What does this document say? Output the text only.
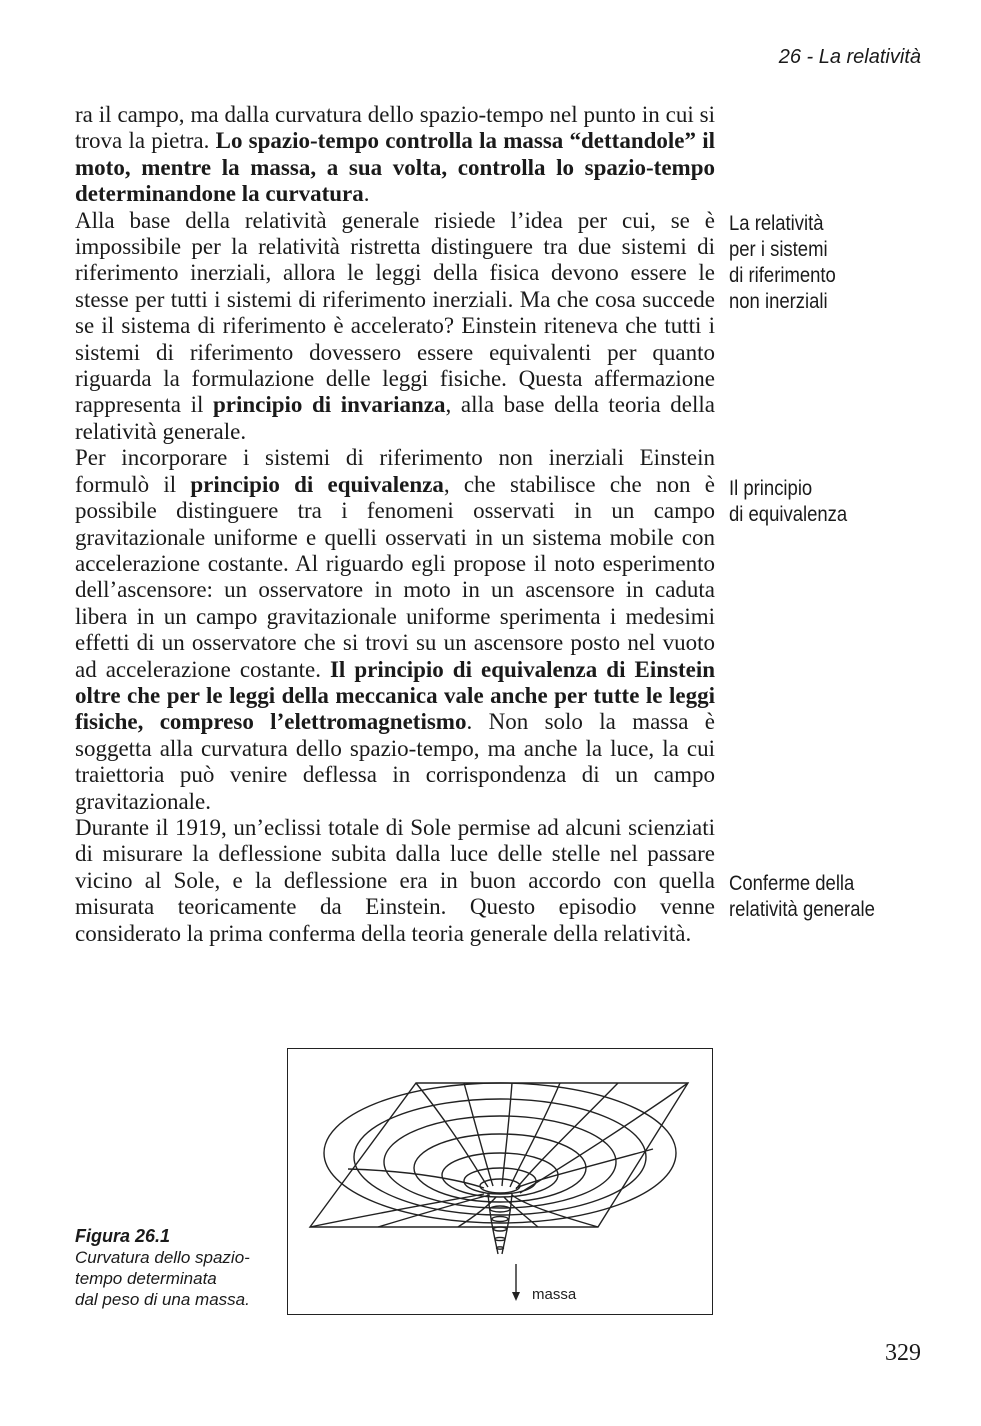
26 - La relatività

ra il campo, ma dalla curvatura dello spazio-tempo nel punto in cui si trova la pietra. Lo spazio-tempo controlla la massa “dettandole” il moto, mentre la massa, a sua volta, controlla lo spazio-tempo determinandone la curvatura.

Alla base della relatività generale risiede l’idea per cui, se è impossibile per la relatività ristretta distinguere tra due sistemi di riferimento inerziali, allora le leggi della fisica devono essere le stesse per tutti i sistemi di riferimento inerziali. Ma che cosa succede se il sistema di riferimento è accelerato? Einstein riteneva che tutti i sistemi di riferimento dovessero essere equivalenti per quanto riguarda la formulazione delle leggi fisiche. Questa affermazione rappresenta il principio di invarianza, alla base della teoria della relatività generale.

Per incorporare i sistemi di riferimento non inerziali Einstein formulò il principio di equivalenza, che stabilisce che non è possibile distinguere tra i fenomeni osservati in un campo gravitazionale uniforme e quelli osservati in un sistema mobile con accelerazione costante. Al riguardo egli propose il noto esperimento dell’ascensore: un osservatore in moto in un ascensore in caduta libera in un campo gravitazionale uniforme sperimenta i medesimi effetti di un osservatore che si trovi su un ascensore posto nel vuoto ad accelerazione costante. Il principio di equivalenza di Einstein oltre che per le leggi della meccanica vale anche per tutte le leggi fisiche, compreso l’elettromagnetismo. Non solo la massa è soggetta alla curvatura dello spazio-tempo, ma anche la luce, la cui traiettoria può venire deflessa in corrispondenza di un campo gravitazionale.

Durante il 1919, un’eclissi totale di Sole permise ad alcuni scienziati di misurare la deflessione subita dalla luce delle stelle nel passare vicino al Sole, e la deflessione era in buon accordo con quella misurata teoricamente da Einstein. Questo episodio venne considerato la prima conferma della teoria generale della relatività.

La relatività
per i sistemi
di riferimento
non inerziali
Il principio
di equivalenza
Conferme della
relatività generale
massa
Figura 26.1
Curvatura dello spazio-
tempo determinata
dal peso di una massa.
329
